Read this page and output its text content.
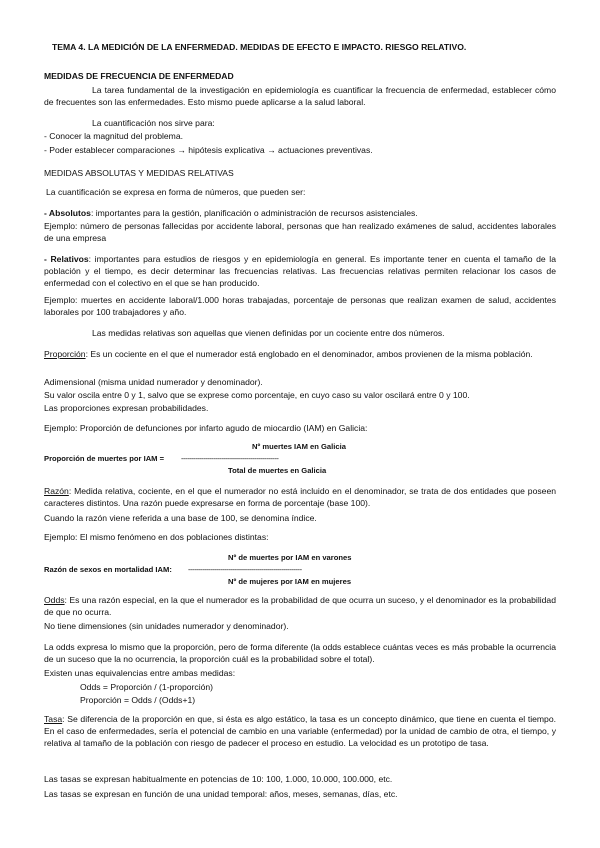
TEMA 4. LA MEDICIÓN DE LA ENFERMEDAD. MEDIDAS DE EFECTO E IMPACTO. RIESGO RELATIVO.
MEDIDAS DE FRECUENCIA DE ENFERMEDAD
La tarea fundamental de la investigación en epidemiología es cuantificar la frecuencia de enfermedad, establecer cómo de frecuentes son las enfermedades. Esto mismo puede aplicarse a la salud laboral.
La cuantificación nos sirve para:
- Conocer la magnitud del problema.
- Poder establecer comparaciones → hipótesis explicativa → actuaciones preventivas.
MEDIDAS ABSOLUTAS Y MEDIDAS RELATIVAS
La cuantificación se expresa en forma de números, que pueden ser:
- Absolutos: importantes para la gestión, planificación o administración de recursos asistenciales.
Ejemplo: número de personas fallecidas por accidente laboral, personas que han realizado exámenes de salud, accidentes laborales de una empresa
- Relativos: importantes para estudios de riesgos y en epidemiología en general. Es importante tener en cuenta el tamaño de la población y el tiempo, es decir determinar las frecuencias relativas. Las frecuencias relativas permiten relacionar los casos de enfermedad con el colectivo en el que se han producido.
Ejemplo: muertes en accidente laboral/1.000 horas trabajadas, porcentaje de personas que realizan examen de salud, accidentes laborales por 100 trabajadores y año.
Las medidas relativas son aquellas que vienen definidas por un cociente entre dos números.
Proporción: Es un cociente en el que el numerador está englobado en el denominador, ambos provienen de la misma población.
Adimensional (misma unidad numerador y denominador).
Su valor oscila entre 0 y 1, salvo que se exprese como porcentaje, en cuyo caso su valor oscilará entre 0 y 100.
Las proporciones expresan probabilidades.
Ejemplo: Proporción de defunciones por infarto agudo de miocardio (IAM) en Galicia:
Nº muertes IAM en Galicia
Proporción de muertes por IAM = ------------------------------------------------
Total de muertes en Galicia
Razón: Medida relativa, cociente, en el que el numerador no está incluido en el denominador, se trata de dos entidades que poseen caracteres distintos. Una razón puede expresarse en forma de porcentaje (base 100).
Cuando la razón viene referida a una base de 100, se denomina índice.
Ejemplo: El mismo fenómeno en dos poblaciones distintas:
Nº de muertes por IAM en varones
Razón de sexos en mortalidad IAM: --------------------------------------------------------
Nº de mujeres por IAM en mujeres
Odds: Es una razón especial, en la que el numerador es la probabilidad de que ocurra un suceso, y el denominador es la probabilidad de que no ocurra.
No tiene dimensiones (sin unidades numerador y denominador).
La odds expresa lo mismo que la proporción, pero de forma diferente (la odds establece cuántas veces es más probable la ocurrencia de un suceso que la no ocurrencia, la proporción cuál es la probabilidad sobre el total).
Existen unas equivalencias entre ambas medidas:
Odds = Proporción / (1-proporción)
Proporción = Odds / (Odds+1)
Tasa: Se diferencia de la proporción en que, si ésta es algo estático, la tasa es un concepto dinámico, que tiene en cuenta el tiempo. En el caso de enfermedades, sería el potencial de cambio en una variable (enfermedad) por la unidad de cambio de otra, el tiempo, y relativa al tamaño de la población con riesgo de padecer el proceso en estudio. La velocidad es un prototipo de tasa.
Las tasas se expresan habitualmente en potencias de 10: 100, 1.000, 10.000, 100.000, etc.
Las tasas se expresan en función de una unidad temporal: años, meses, semanas, días, etc.
